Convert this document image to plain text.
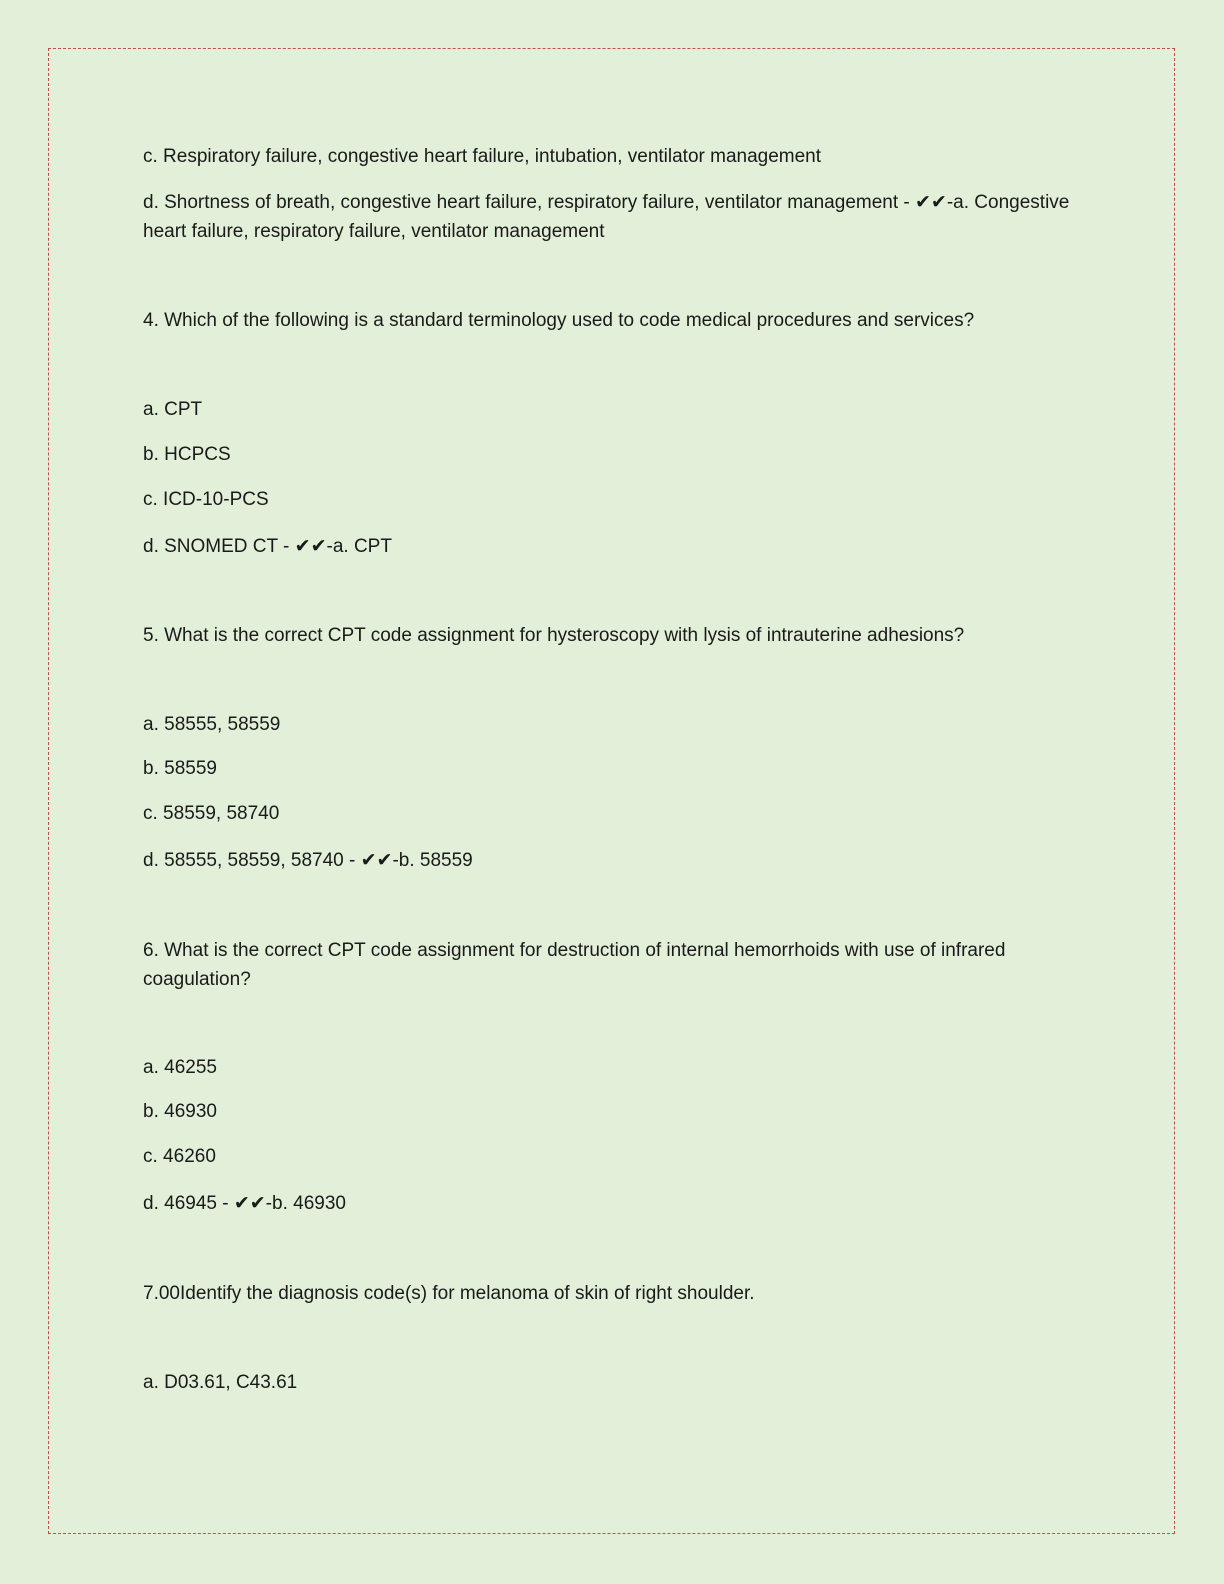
c. Respiratory failure, congestive heart failure, intubation, ventilator management
d. Shortness of breath, congestive heart failure, respiratory failure, ventilator management - ✔✔-a. Congestive heart failure, respiratory failure, ventilator management
4. Which of the following is a standard terminology used to code medical procedures and services?
a. CPT
b. HCPCS
c. ICD-10-PCS
d. SNOMED CT - ✔✔-a. CPT
5. What is the correct CPT code assignment for hysteroscopy with lysis of intrauterine adhesions?
a. 58555, 58559
b. 58559
c. 58559, 58740
d. 58555, 58559, 58740 - ✔✔-b. 58559
6. What is the correct CPT code assignment for destruction of internal hemorrhoids with use of infrared coagulation?
a. 46255
b. 46930
c. 46260
d. 46945 - ✔✔-b. 46930
7.00Identify the diagnosis code(s) for melanoma of skin of right shoulder.
a. D03.61, C43.61
